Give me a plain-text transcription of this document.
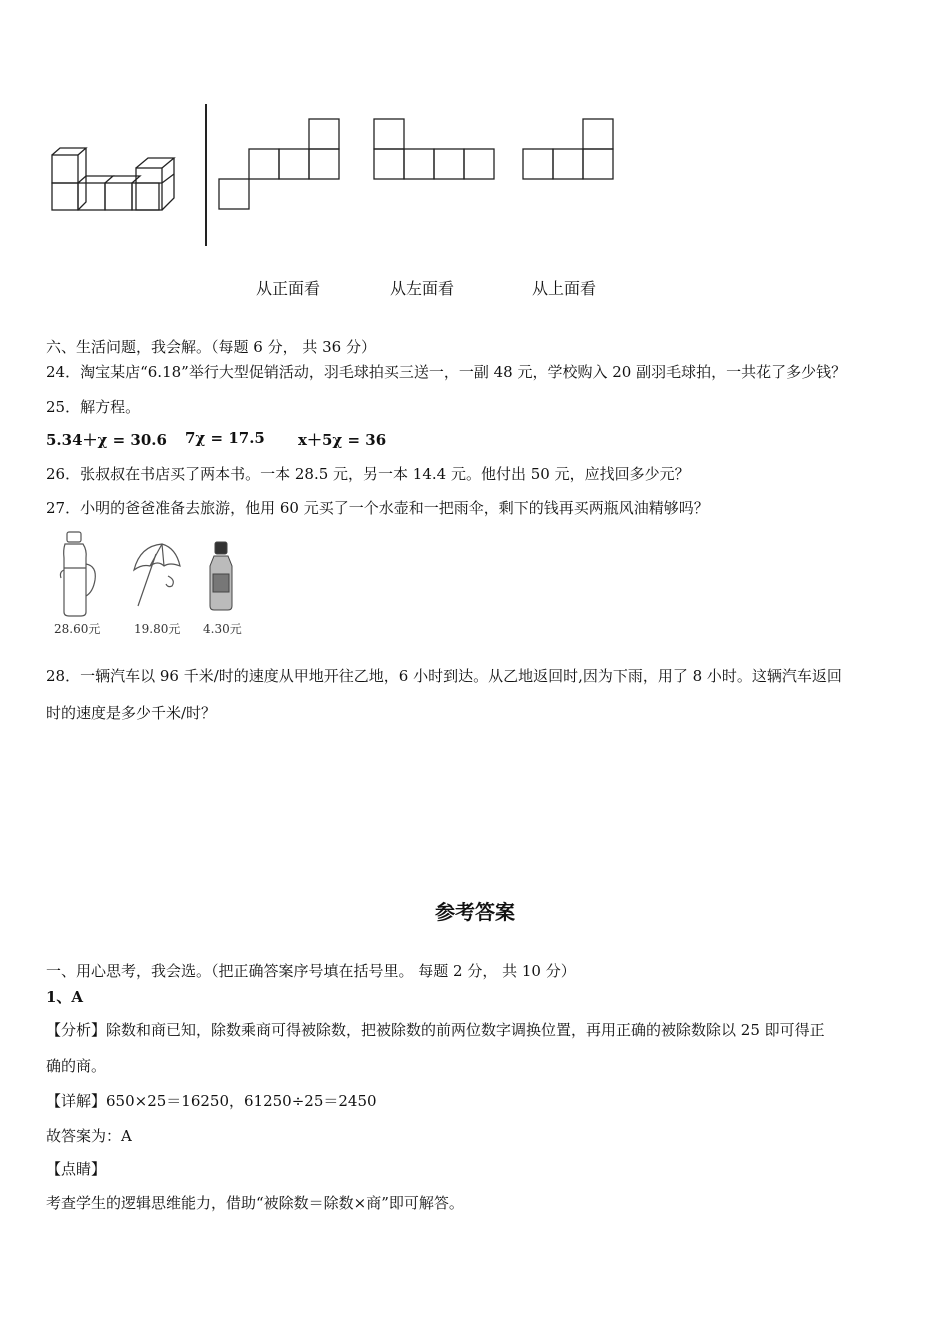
从正面看	从左面看	从上面看
六、生活问题，我会解。（每题 6 分， 共 36 分）
24．淘宝某店“6.18”举行大型促销活动，羽毛球拍买三送一，一副 48 元，学校购入 20 副羽毛球拍，一共花了多少钱？
25．解方程。
5.34＋χ = 30.6 7χ = 17.5 x＋5χ = 36
26．张叔叔在书店买了两本书。一本 28.5 元，另一本 14.4 元。他付出 50 元，应找回多少元？
27．小明的爸爸准备去旅游，他用 60 元买了一个水壶和一把雨伞，剩下的钱再买两瓶风油精够吗？
28.60元	19.80元 4.30元
28．一辆汽车以 96 千米/时的速度从甲地开往乙地，6 小时到达。从乙地返回时,因为下雨，用了 8 小时。这辆汽车返回
时的速度是多少千米/时？
参考答案
一、用心思考，我会选。（把正确答案序号填在括号里。 每题 2 分， 共 10 分）
1、A
【分析】除数和商已知，除数乘商可得被除数，把被除数的前两位数字调换位置，再用正确的被除数除以 25 即可得正
确的商。
【详解】650×25＝16250，61250÷25＝2450
故答案为：A
【点睛】
考查学生的逻辑思维能力，借助“被除数＝除数×商”即可解答。
